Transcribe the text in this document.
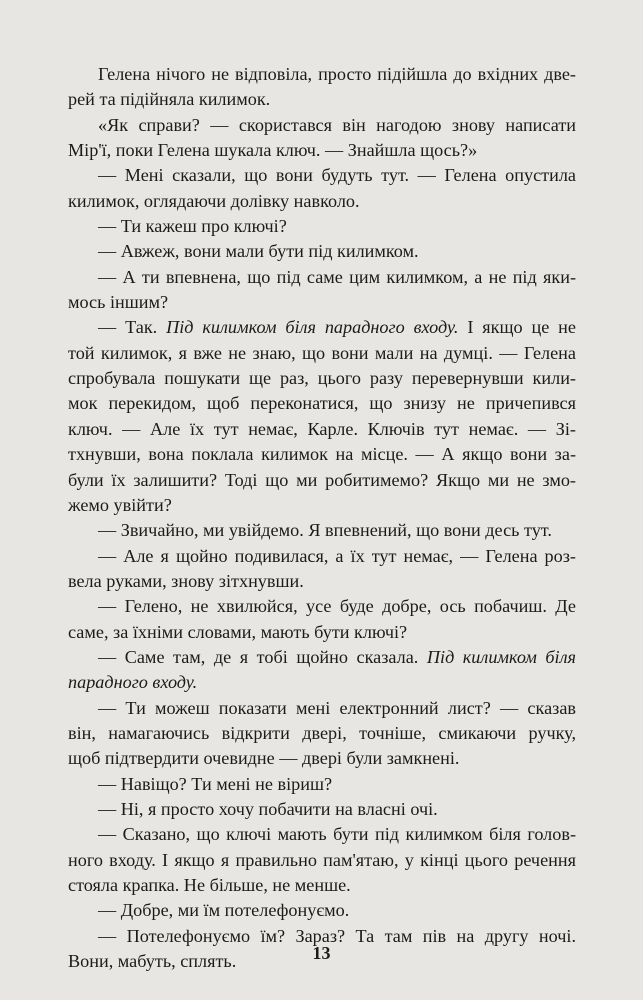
Гелена нічого не відповіла, просто підійшла до вхідних две-
рей та підійняла килимок.
«Як справи? — скористався він нагодою знову написати
Мір'ї, поки Гелена шукала ключ. — Знайшла щось?»
— Мені сказали, що вони будуть тут. — Гелена опустила
килимок, оглядаючи долівку навколо.
— Ти кажеш про ключі?
— Авжеж, вони мали бути під килимком.
— А ти впевнена, що під саме цим килимком, а не під яки-
мось іншим?
— Так. Під килимком біля парадного входу. І якщо це не
той килимок, я вже не знаю, що вони мали на думці. — Гелена
спробувала пошукати ще раз, цього разу перевернувши кили-
мок перекидом, щоб переконатися, що знизу не причепився
ключ. — Але їх тут немає, Карле. Ключів тут немає. — Зі-
тхнувши, вона поклала килимок на місце. — А якщо вони за-
були їх залишити? Тоді що ми робитимемо? Якщо ми не змо-
жемо увійти?
— Звичайно, ми увійдемо. Я впевнений, що вони десь тут.
— Але я щойно подивилася, а їх тут немає, — Гелена роз-
вела руками, знову зітхнувши.
— Гелено, не хвилюйся, усе буде добре, ось побачиш. Де
саме, за їхніми словами, мають бути ключі?
— Саме там, де я тобі щойно сказала. Під килимком біля
парадного входу.
— Ти можеш показати мені електронний лист? — сказав
він, намагаючись відкрити двері, точніше, смикаючи ручку,
щоб підтвердити очевидне — двері були замкнені.
— Навіщо? Ти мені не віриш?
— Ні, я просто хочу побачити на власні очі.
— Сказано, що ключі мають бути під килимком біля голов-
ного входу. І якщо я правильно пам'ятаю, у кінці цього речення
стояла крапка. Не більше, не менше.
— Добре, ми їм потелефонуємо.
— Потелефонуємо їм? Зараз? Та там пів на другу ночі.
Вони, мабуть, сплять.	13
